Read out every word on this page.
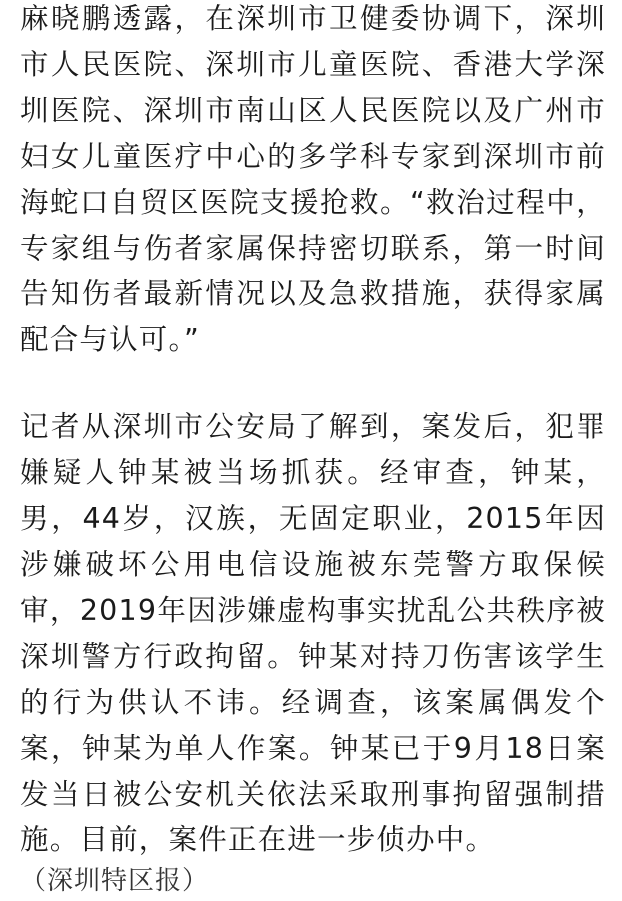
麻晓鹏透露，在深圳市卫健委协调下，深圳市人民医院、深圳市儿童医院、香港大学深圳医院、深圳市南山区人民医院以及广州市妇女儿童医疗中心的多学科专家到深圳市前海蛇口自贸区医院支援抢救。“救治过程中，专家组与伤者家属保持密切联系，第一时间告知伤者最新情况以及急救措施，获得家属配合与认可。”

记者从深圳市公安局了解到，案发后，犯罪嫌疑人钟某被当场抓获。经审查，钟某，男，44岁，汉族，无固定职业，2015年因涉嫌破坏公用电信设施被东莞警方取保候审，2019年因涉嫌虚构事实扰乱公共秩序被深圳警方行政拘留。钟某对持刀伤害该学生的行为供认不讳。经调查，该案属偶发个案，钟某为单人作案。钟某已于9月18日案发当日被公安机关依法采取刑事拘留强制措施。目前，案件正在进一步侦办中。

（深圳特区报）
